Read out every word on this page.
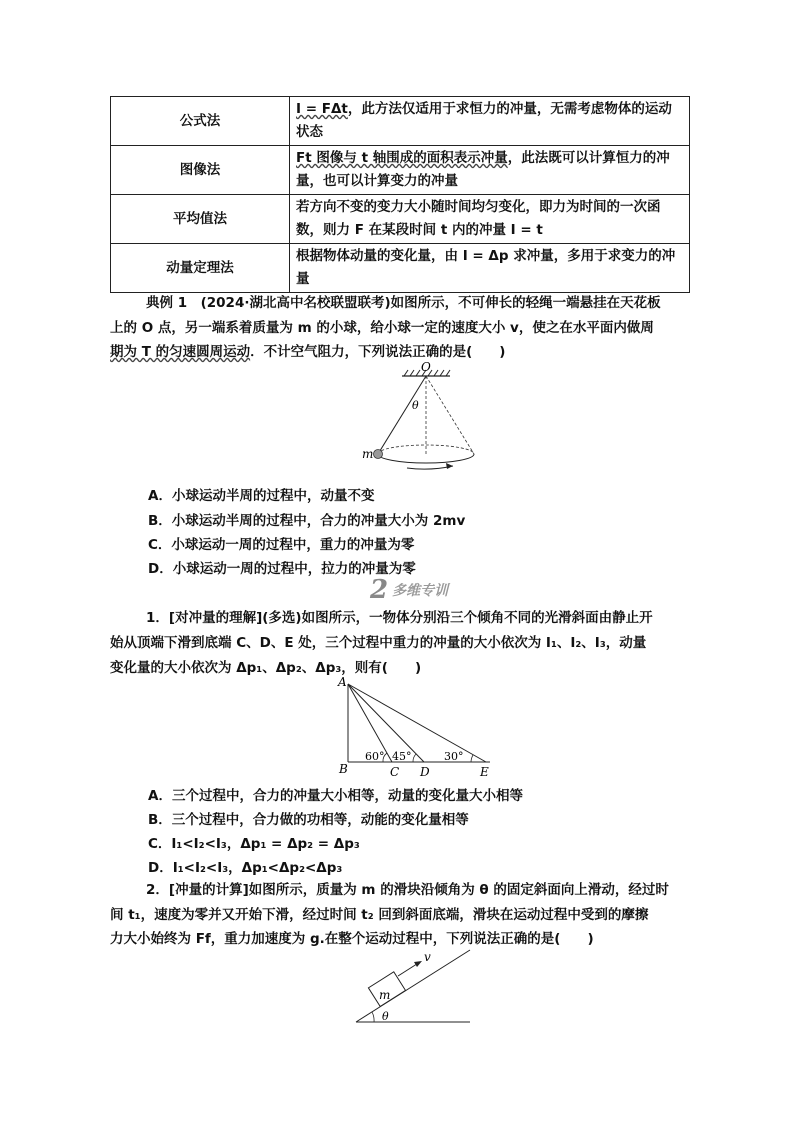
公式法	I = FΔt，此方法仅适用于求恒力的冲量，无需考虑物体的运动
状态
图像法	Ft 图像与 t 轴围成的面积表示冲量，此法既可以计算恒力的冲
量，也可以计算变力的冲量
平均值法	若方向不变的变力大小随时间均匀变化，即力为时间的一次函
数，则力 F 在某段时间 t 内的冲量 I = t
动量定理法	根据物体动量的变化量，由 I = Δp 求冲量，多用于求变力的冲
量
典例 1　(2024·湖北高中名校联盟联考)如图所示，不可伸长的轻绳一端悬挂在天花板
上的 O 点，另一端系着质量为 m 的小球，给小球一定的速度大小 v，使之在水平面内做周
期为 T 的匀速圆周运动．不计空气阻力，下列说法正确的是(　　)
O
θ
m
A．小球运动半周的过程中，动量不变
B．小球运动半周的过程中，合力的冲量大小为 2mv
C．小球运动一周的过程中，重力的冲量为零
D．小球运动一周的过程中，拉力的冲量为零
2 多维专训
1．[对冲量的理解](多选)如图所示，一物体分别沿三个倾角不同的光滑斜面由静止开
始从顶端下滑到底端 C、D、E 处，三个过程中重力的冲量的大小依次为 I₁、I₂、I₃，动量
变化量的大小依次为 Δp₁、Δp₂、Δp₃，则有(　　)
A
B	C D	E
60° 45°	30°
A．三个过程中，合力的冲量大小相等，动量的变化量大小相等
B．三个过程中，合力做的功相等，动能的变化量相等
C．I₁<I₂<I₃，Δp₁ = Δp₂ = Δp₃
D．I₁<I₂<I₃，Δp₁<Δp₂<Δp₃
2．[冲量的计算]如图所示，质量为 m 的滑块沿倾角为 θ 的固定斜面向上滑动，经过时
间 t₁，速度为零并又开始下滑，经过时间 t₂ 回到斜面底端，滑块在运动过程中受到的摩擦
力大小始终为 Ff，重力加速度为 g.在整个运动过程中，下列说法正确的是(　　)
m
v
θ
